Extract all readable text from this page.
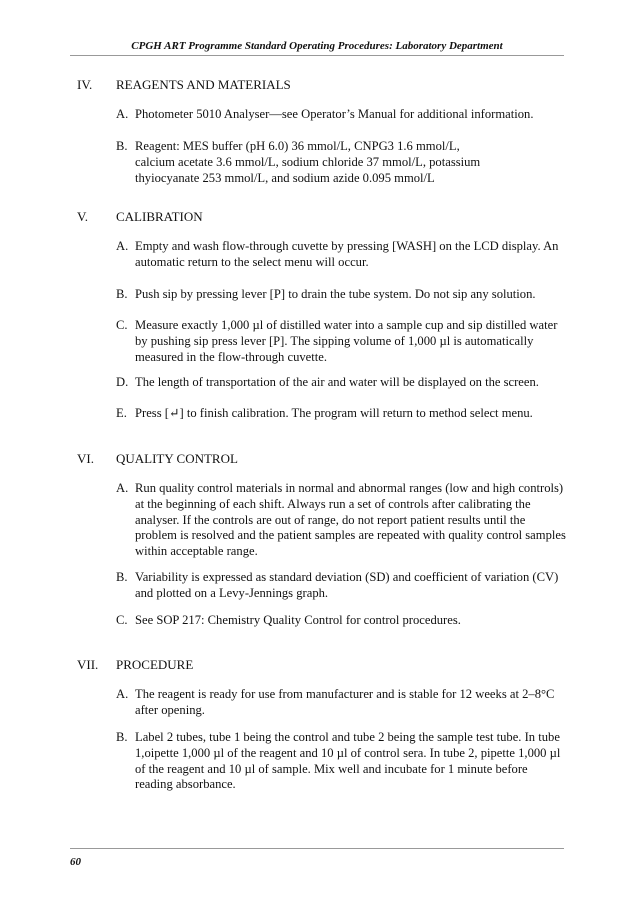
CPGH ART Programme Standard Operating Procedures: Laboratory Department
IV. REAGENTS AND MATERIALS
A. Photometer 5010 Analyser—see Operator’s Manual for additional information.
B. Reagent: MES buffer (pH 6.0) 36 mmol/L, CNPG3 1.6 mmol/L, calcium acetate 3.6 mmol/L, sodium chloride 37 mmol/L, potassium thyiocyanate 253 mmol/L, and sodium azide 0.095 mmol/L
V. CALIBRATION
A. Empty and wash flow-through cuvette by pressing [WASH] on the LCD display. An automatic return to the select menu will occur.
B. Push sip by pressing lever [P] to drain the tube system. Do not sip any solution.
C. Measure exactly 1,000 µl of distilled water into a sample cup and sip distilled water by pushing sip press lever [P]. The sipping volume of 1,000 µl is automatically measured in the flow-through cuvette.
D. The length of transportation of the air and water will be displayed on the screen.
E. Press [↵] to finish calibration. The program will return to method select menu.
VI. QUALITY CONTROL
A. Run quality control materials in normal and abnormal ranges (low and high controls) at the beginning of each shift. Always run a set of controls after calibrating the analyser. If the controls are out of range, do not report patient results until the problem is resolved and the patient samples are repeated with quality control samples within acceptable range.
B. Variability is expressed as standard deviation (SD) and coefficient of variation (CV) and plotted on a Levy-Jennings graph.
C. See SOP 217: Chemistry Quality Control for control procedures.
VII. PROCEDURE
A. The reagent is ready for use from manufacturer and is stable for 12 weeks at 2–8°C after opening.
B. Label 2 tubes, tube 1 being the control and tube 2 being the sample test tube. In tube 1,oipette 1,000 µl of the reagent and 10 µl of control sera. In tube 2, pipette 1,000 µl of the reagent and 10 µl of sample. Mix well and incubate for 1 minute before reading absorbance.
60
